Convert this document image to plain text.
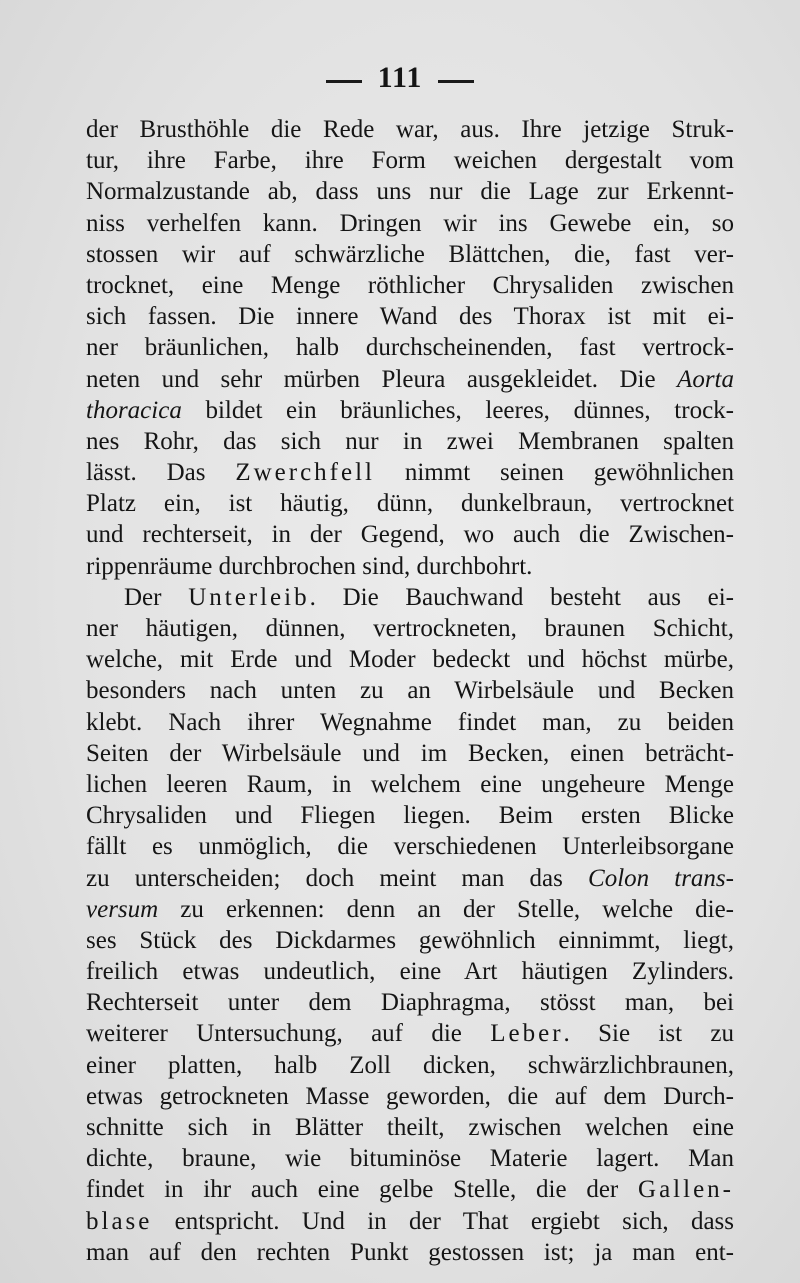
111
der Brusthöhle die Rede war, aus. Ihre jetzige Struk-
tur, ihre Farbe, ihre Form weichen dergestalt vom
Normalzustande ab, dass uns nur die Lage zur Erkennt-
niss verhelfen kann. Dringen wir ins Gewebe ein, so
stossen wir auf schwärzliche Blättchen, die, fast ver-
trocknet, eine Menge röthlicher Chrysaliden zwischen
sich fassen. Die innere Wand des Thorax ist mit ei-
ner bräunlichen, halb durchscheinenden, fast vertrock-
neten und sehr mürben Pleura ausgekleidet. Die Aorta
thoracica bildet ein bräunliches, leeres, dünnes, trock-
nes Rohr, das sich nur in zwei Membranen spalten
lässt. Das Zwerchfell nimmt seinen gewöhnlichen
Platz ein, ist häutig, dünn, dunkelbraun, vertrocknet
und rechterseit, in der Gegend, wo auch die Zwischen-
rippenräume durchbrochen sind, durchbohrt.
Der Unterleib. Die Bauchwand besteht aus ei-
ner häutigen, dünnen, vertrockneten, braunen Schicht,
welche, mit Erde und Moder bedeckt und höchst mürbe,
besonders nach unten zu an Wirbelsäule und Becken
klebt. Nach ihrer Wegnahme findet man, zu beiden
Seiten der Wirbelsäule und im Becken, einen beträcht-
lichen leeren Raum, in welchem eine ungeheure Menge
Chrysaliden und Fliegen liegen. Beim ersten Blicke
fällt es unmöglich, die verschiedenen Unterleibsorgane
zu unterscheiden; doch meint man das Colon trans-
versum zu erkennen: denn an der Stelle, welche die-
ses Stück des Dickdarmes gewöhnlich einnimmt, liegt,
freilich etwas undeutlich, eine Art häutigen Zylinders.
Rechterseit unter dem Diaphragma, stösst man, bei
weiterer Untersuchung, auf die Leber. Sie ist zu
einer platten, halb Zoll dicken, schwärzlichbraunen,
etwas getrockneten Masse geworden, die auf dem Durch-
schnitte sich in Blätter theilt, zwischen welchen eine
dichte, braune, wie bituminöse Materie lagert. Man
findet in ihr auch eine gelbe Stelle, die der Gallen-
blase entspricht. Und in der That ergiebt sich, dass
man auf den rechten Punkt gestossen ist; ja man ent-
